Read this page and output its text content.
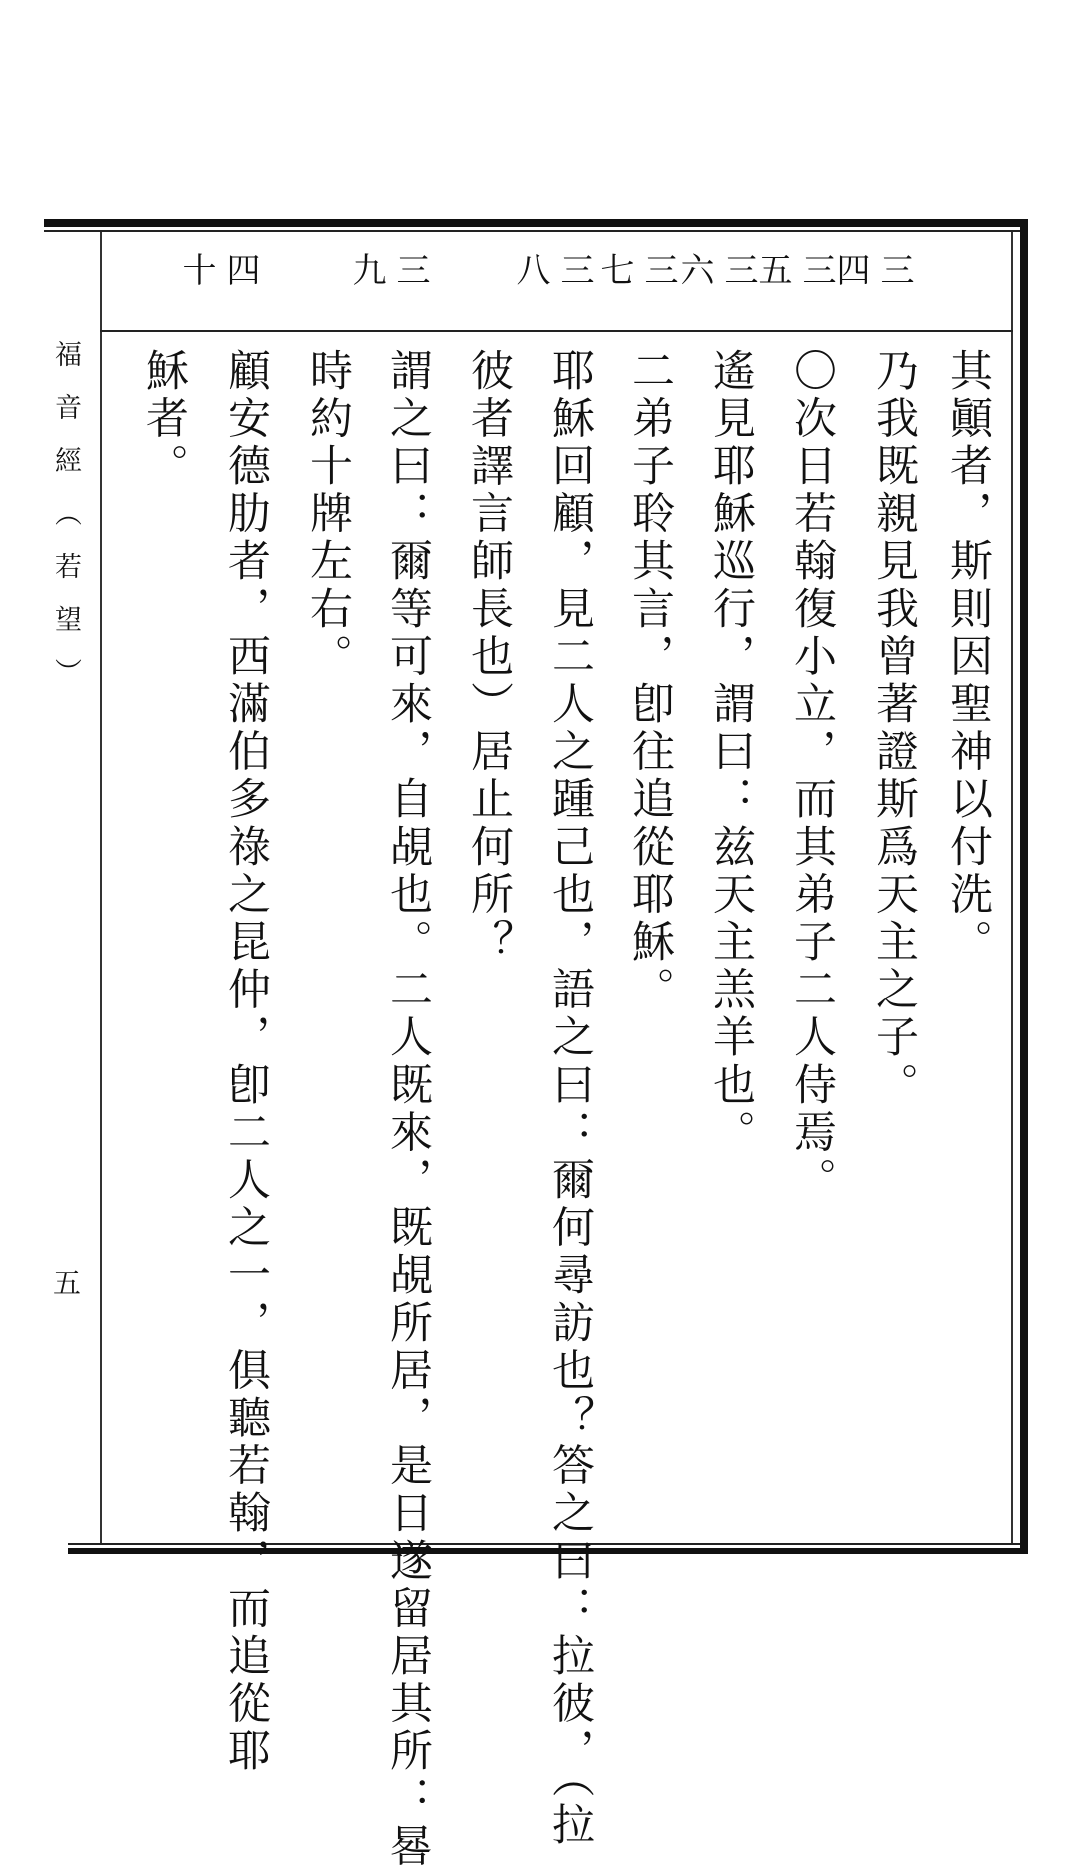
三四
三五
三六
三七
三八
三九
四十
其顚者，斯則因聖神以付洗。
乃我既親見我曾著證斯爲天主之子。
〇次日若翰復小立，而其弟子二人侍焉。
遙見耶穌巡行，謂曰：兹天主羔羊也。
二弟子聆其言，卽往追從耶穌。
耶穌回顧，見二人之踵己也，語之曰：爾何尋訪也？答之曰：拉彼，（拉
彼者譯言師長也）居止何所？
謂之曰：爾等可來，自覘也。二人既來，既覘所居，是日遂留居其所：晷
時約十牌左右。
顧安德肋者，西滿伯多祿之昆仲，卽二人之一，俱聽若翰，而追從耶
穌者。
福音經（若望）
五
